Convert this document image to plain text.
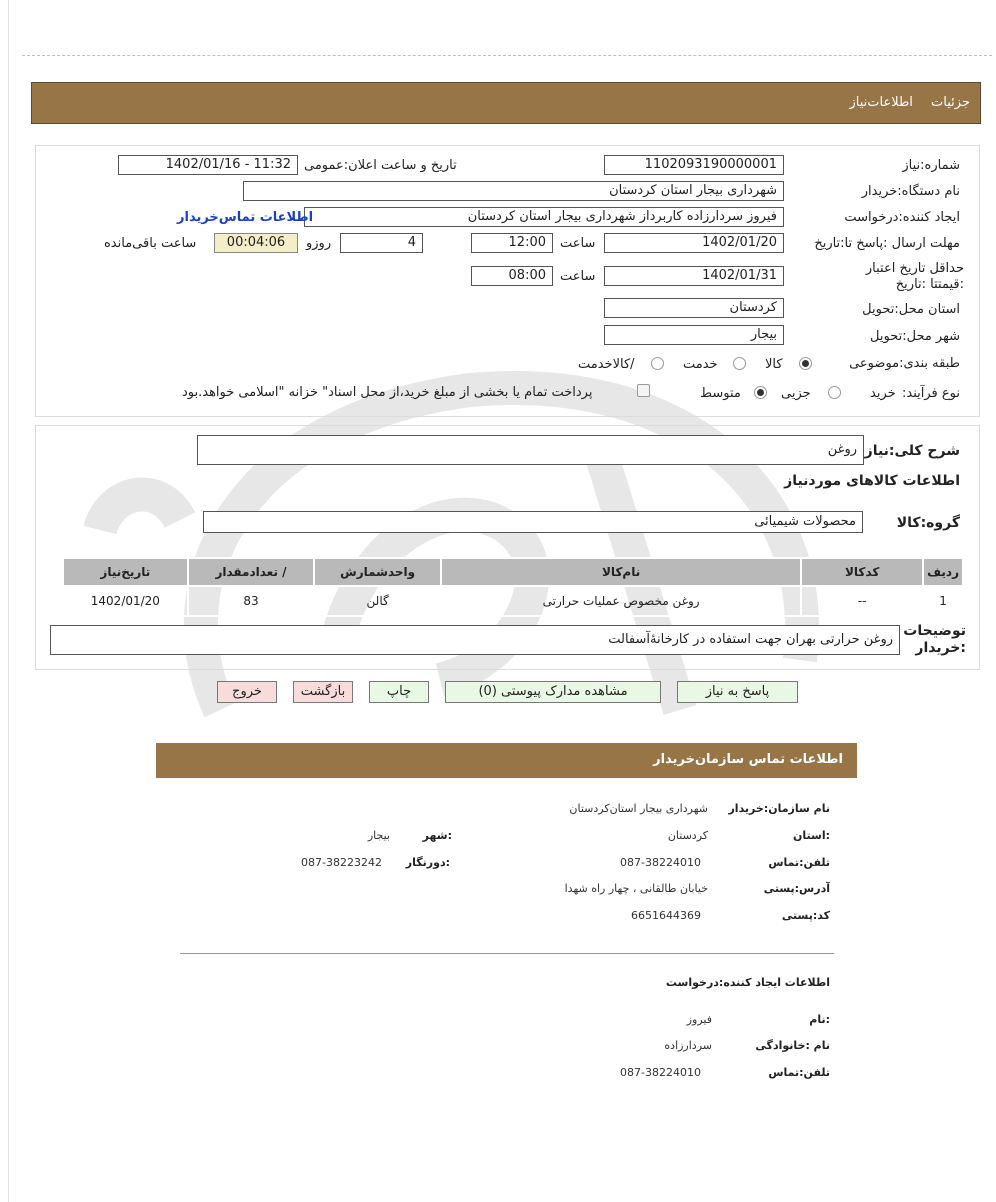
جزئیات اطلاعات‌نیاز
شماره:نیاز
1102093190000001
تاریخ و ساعت اعلان:عمومی
1402/01/16 - 11:32
نام دستگاه:خریدار
شهرداری بیجار استان کردستان
ایجاد کننده:درخواست
فیروز سردارزاده کاربرداز شهرداری بیجار استان کردستان
اطلاعات تماس‌خریدار
مهلت ارسال :پاسخ تا:تاریخ
1402/01/20
ساعت
12:00
4
روزو
00:04:06
ساعت باقی‌مانده
حداقل تاریخ اعتبار :قیمتتا :تاریخ
1402/01/31
ساعت
08:00
استان محل:تحویل
کردستان
شهر محل:تحویل
بیجار
طبقه بندی:موضوعی
کالا
خدمت
/کالاخدمت
نوع فرآیند:
خرید
جزیی
متوسط
پرداخت تمام یا بخشی از مبلغ خرید،از محل اسناد" خزانه "اسلامی خواهد.بود
شرح کلی:نیاز
روغن
اطلاعات کالاهای موردنیاز
گروه:کالا
محصولات شیمیائی
ردیف	کدکالا	نام‌کالا	واحدشمارش	/ تعدادمقدار	تاریخ‌نیاز
1	--	روغن مخصوص عملیات حرارتی	گالن	83	1402/01/20
توضیحات :خریدار
روغن حرارتی بهران جهت استفاده در کارخانۀآسفالت
پاسخ به نیاز
مشاهده مدارک پیوستی (0)
چاپ
بازگشت
خروج
اطلاعات تماس سازمان‌خریدار
نام سازمان:خریدار
شهرداری بیجار استان‌کردستان
:استان
کردستان
:شهر
بیجار
تلفن:تماس
087-38224010
:دورنگار
087-38223242
آدرس:پستی
خیابان طالقانی ، چهار راه شهدا
کد:پستی
6651644369
اطلاعات ایجاد کننده:درخواست
:نام
فیروز
نام :خانوادگی
سردارزاده
تلفن:تماس
087-38224010
